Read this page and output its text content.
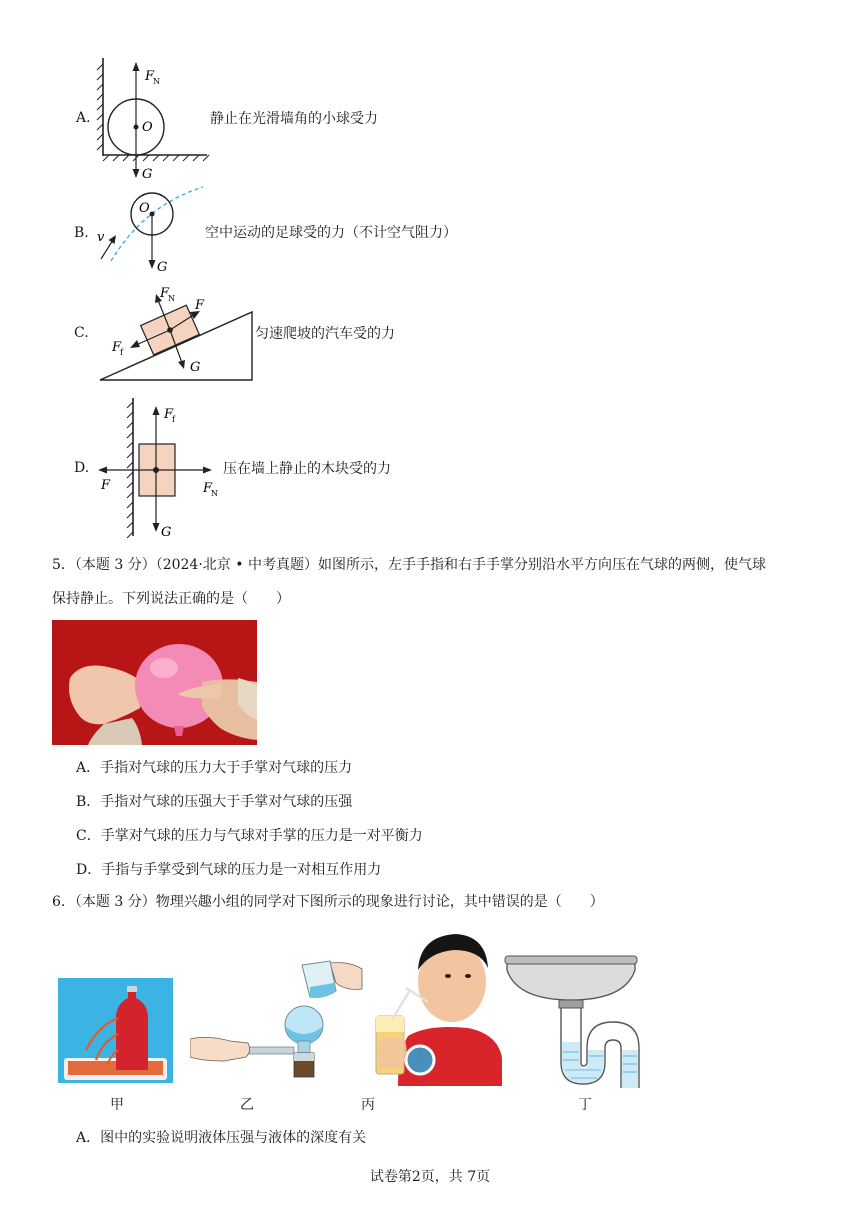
A.
F
N
O
G
静止在光滑墙角的小球受力
B.
O
G
v	空中运动的足球受的力（不计空气阻力）
C.
F
N F
F
f
G
匀速爬坡的汽车受的力
D.
F
f
F	F
N
G
压在墙上静止的木块受的力
5．（本题 3 分）（2024·北京 • 中考真题）如图所示，左手手指和右手手掌分别沿水平方向压在气球的两侧，使气球
保持静止。下列说法正确的是（　　）
A．手指对气球的压力大于手掌对气球的压力
B．手指对气球的压强大于手掌对气球的压强
C．手掌对气球的压力与气球对手掌的压力是一对平衡力
D．手指与手掌受到气球的压力是一对相互作用力
6．（本题 3 分）物理兴趣小组的同学对下图所示的现象进行讨论，其中错误的是（　　）
甲	乙	丙	丁
A．图中的实验说明液体压强与液体的深度有关
试卷第2页，共 7页
